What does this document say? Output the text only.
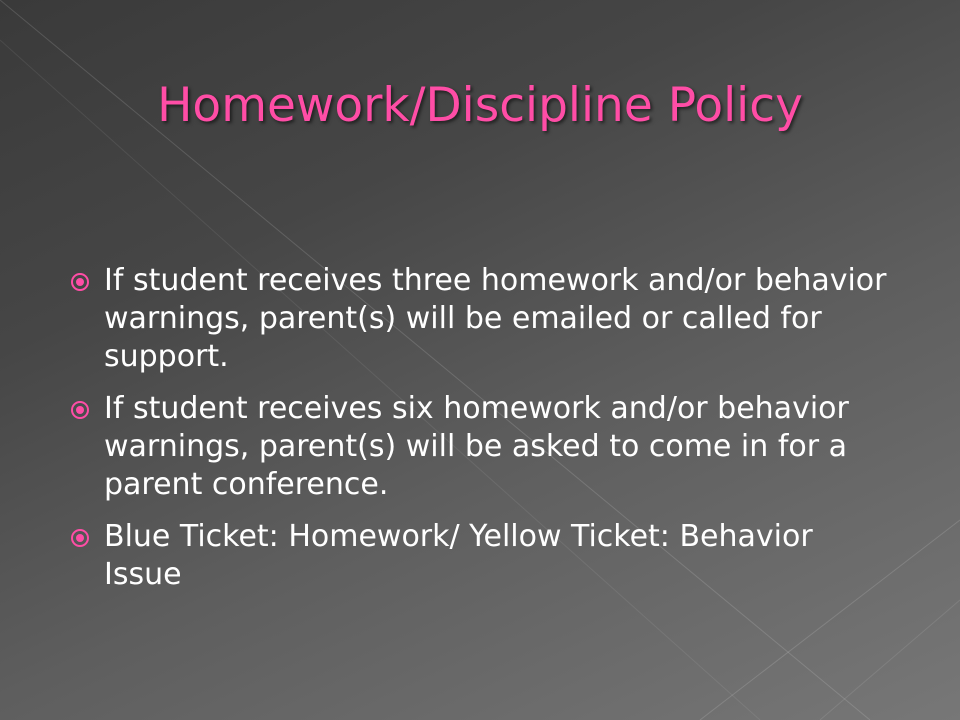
Homework/Discipline Policy
If student receives three homework and/or behavior warnings, parent(s) will be emailed or called for support.
If student receives six homework and/or behavior warnings, parent(s) will be asked to come in for a parent conference.
Blue Ticket: Homework/ Yellow Ticket: Behavior Issue
